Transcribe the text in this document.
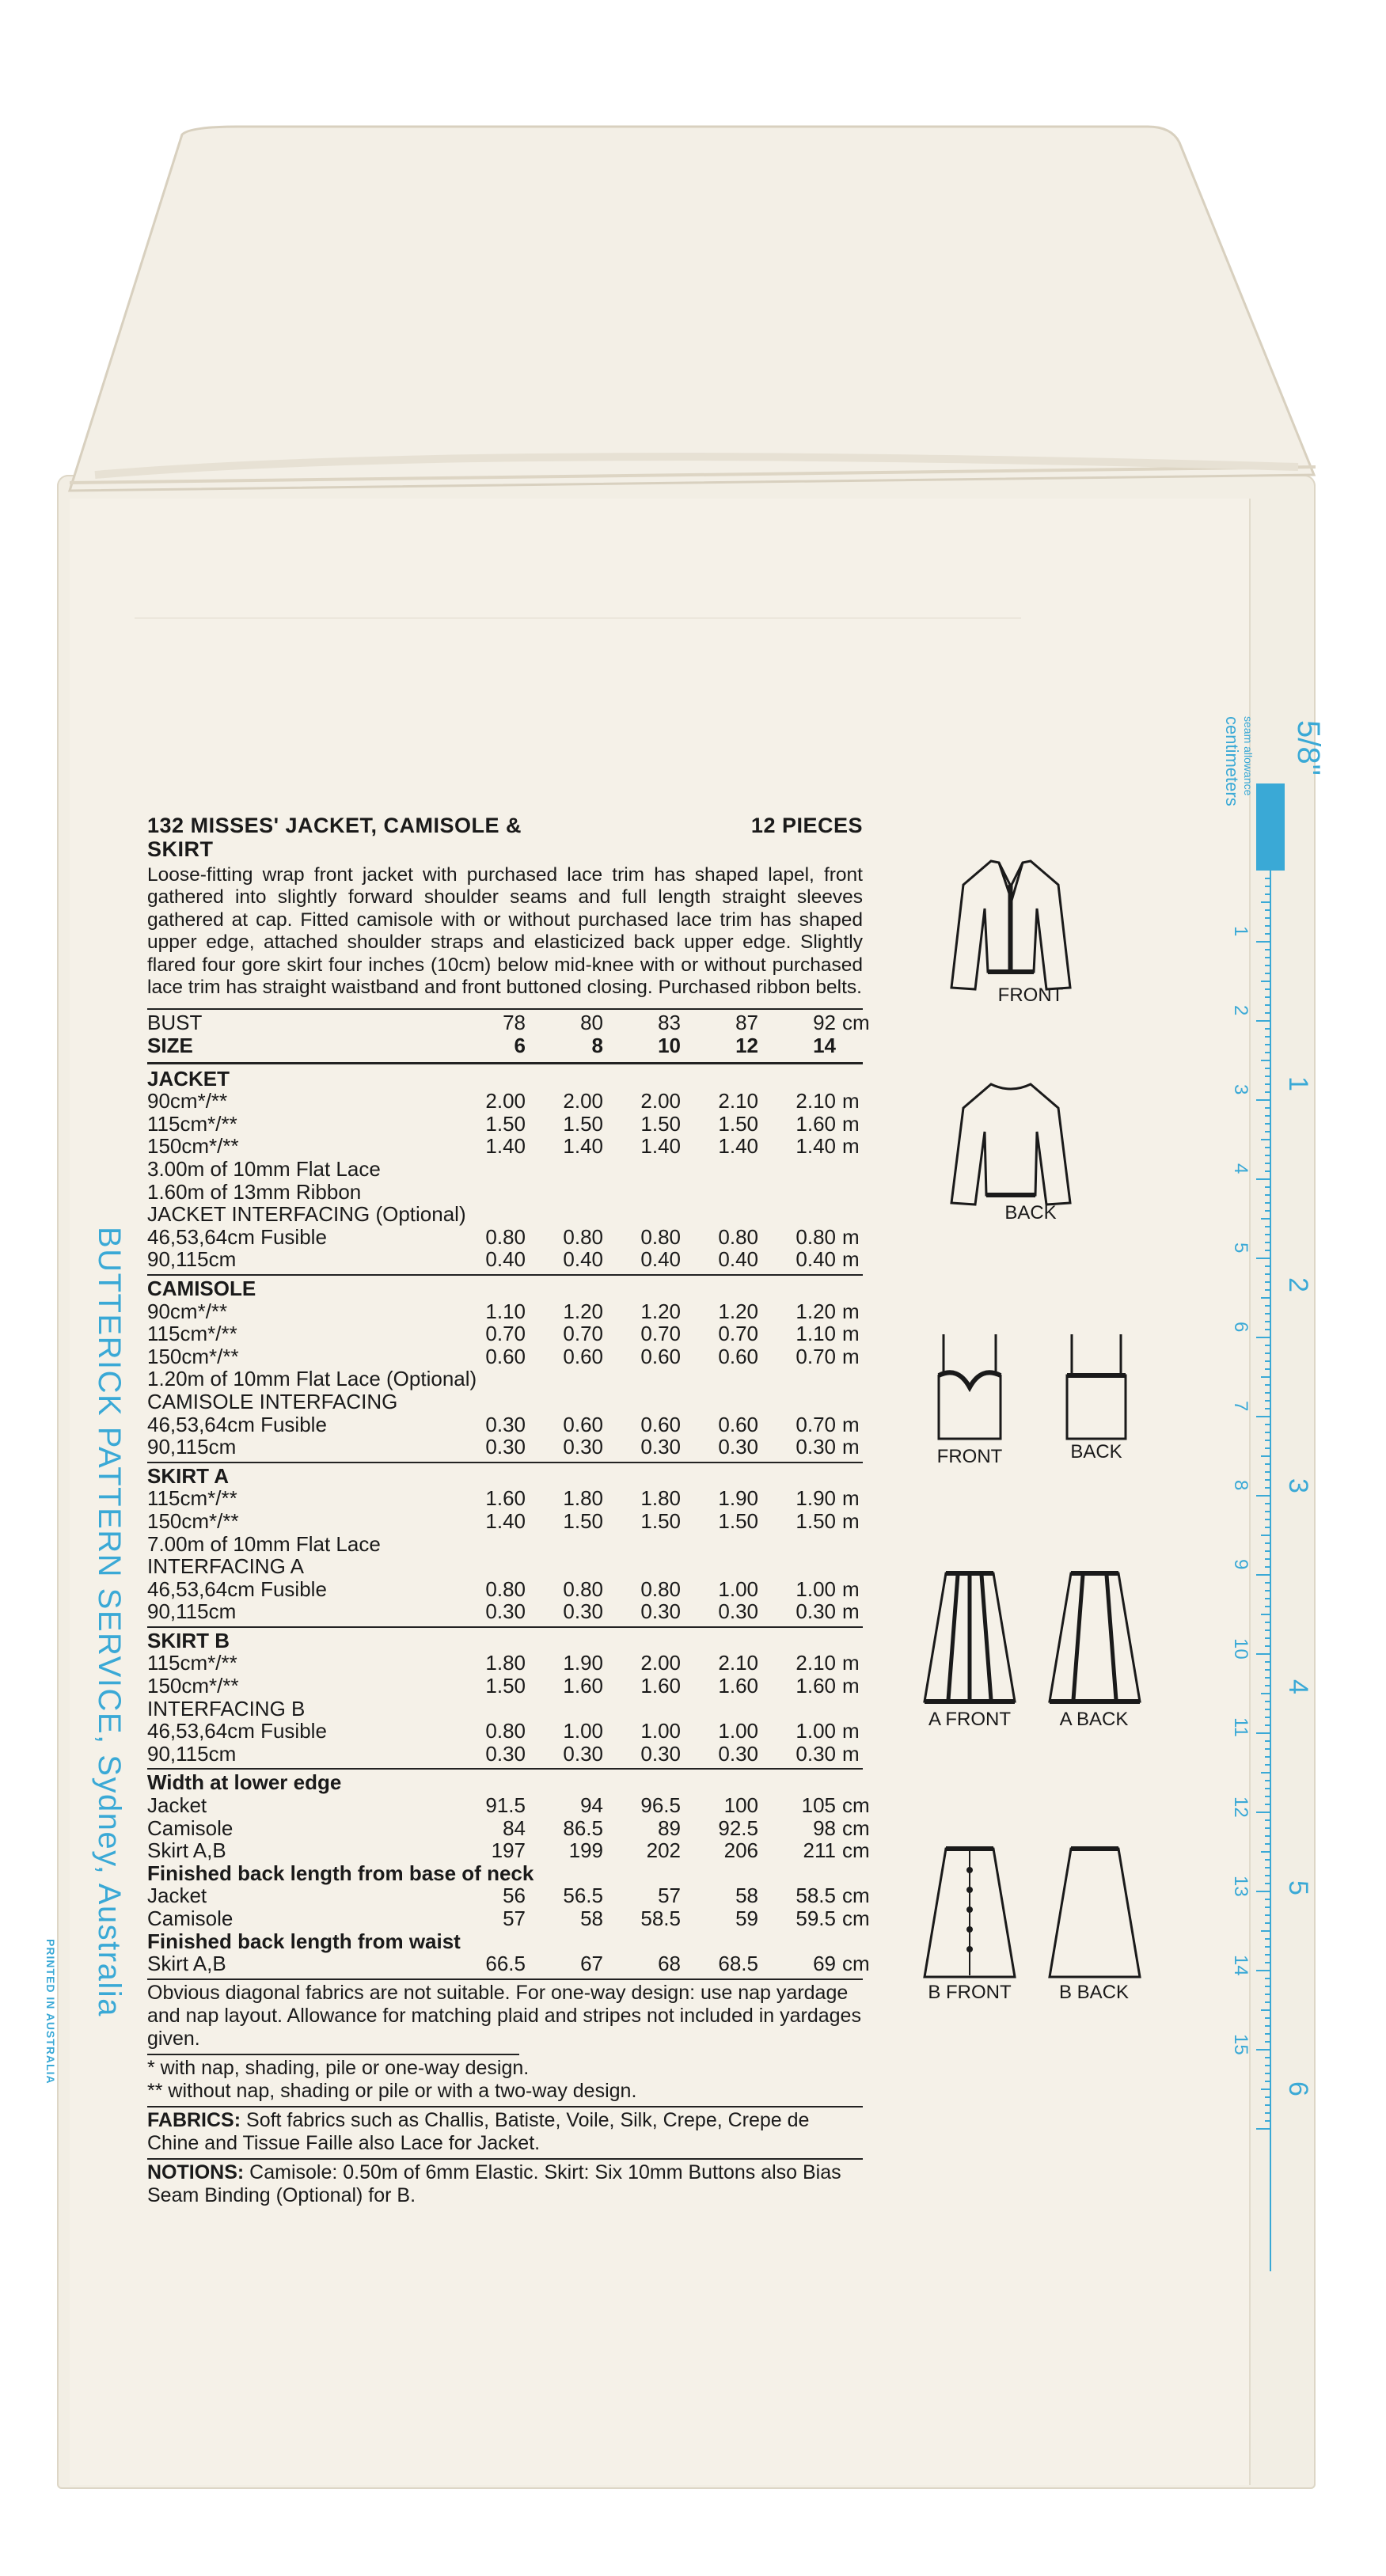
132 MISSES' JACKET, CAMISOLE & SKIRT
12 PIECES
Loose-fitting wrap front jacket with purchased lace trim has shaped lapel, front gathered into slightly forward shoulder seams and full length straight sleeves gathered at cap. Fitted camisole with or without purchased lace trim has shaped upper edge, attached shoulder straps and elasticized back upper edge. Slightly flared four gore skirt four inches (10cm) below mid-knee with or without purchased lace trim has straight waistband and front buttoned closing. Purchased ribbon belts.
BUST	78	80	83	87	92 cm
SIZE	6	8	10	12	14
JACKET
90cm*/**	2.00	2.00	2.00	2.10	2.10 m
115cm*/**	1.50	1.50	1.50	1.50	1.60 m
150cm*/**	1.40	1.40	1.40	1.40	1.40 m
3.00m of 10mm Flat Lace
1.60m of 13mm Ribbon
JACKET INTERFACING (Optional)
46,53,64cm Fusible	0.80	0.80	0.80	0.80	0.80 m
90,115cm	0.40	0.40	0.40	0.40	0.40 m
CAMISOLE
90cm*/**	1.10	1.20	1.20	1.20	1.20 m
115cm*/**	0.70	0.70	0.70	0.70	1.10 m
150cm*/**	0.60	0.60	0.60	0.60	0.70 m
1.20m of 10mm Flat Lace (Optional)
CAMISOLE INTERFACING
46,53,64cm Fusible	0.30	0.60	0.60	0.60	0.70 m
90,115cm	0.30	0.30	0.30	0.30	0.30 m
SKIRT A
115cm*/**	1.60	1.80	1.80	1.90	1.90 m
150cm*/**	1.40	1.50	1.50	1.50	1.50 m
7.00m of 10mm Flat Lace
INTERFACING A
46,53,64cm Fusible	0.80	0.80	0.80	1.00	1.00 m
90,115cm	0.30	0.30	0.30	0.30	0.30 m
SKIRT B
115cm*/**	1.80	1.90	2.00	2.10	2.10 m
150cm*/**	1.50	1.60	1.60	1.60	1.60 m
INTERFACING B
46,53,64cm Fusible	0.80	1.00	1.00	1.00	1.00 m
90,115cm	0.30	0.30	0.30	0.30	0.30 m
Width at lower edge
Jacket	91.5	94	96.5	100	105 cm
Camisole	84	86.5	89	92.5	98 cm
Skirt A,B	197	199	202	206	211 cm
Finished back length from base of neck
Jacket	56	56.5	57	58	58.5 cm
Camisole	57	58	58.5	59	59.5 cm
Finished back length from waist
Skirt A,B	66.5	67	68	68.5	69 cm
Obvious diagonal fabrics are not suitable. For one-way design: use nap yardage and nap layout. Allowance for matching plaid and stripes not included in yardages given.
* with nap, shading, pile or one-way design.
** without nap, shading or pile or with a two-way design.
FABRICS: Soft fabrics such as Challis, Batiste, Voile, Silk, Crepe, Crepe de Chine and Tissue Faille also Lace for Jacket.
NOTIONS: Camisole: 0.50m of 6mm Elastic. Skirt: Six 10mm Buttons also Bias Seam Binding (Optional) for B.
BUTTERICK PATTERN SERVICE, Sydney, Australia
PRINTED IN AUSTRALIA
5/8"
seam allowance
centimeters
1
2
3
4
5
6
7
8
9
10
11
12
13
14
15
1
2
3
4
5
6
FRONT
BACK
FRONT	BACK
A FRONT	A BACK
B FRONT	B BACK
